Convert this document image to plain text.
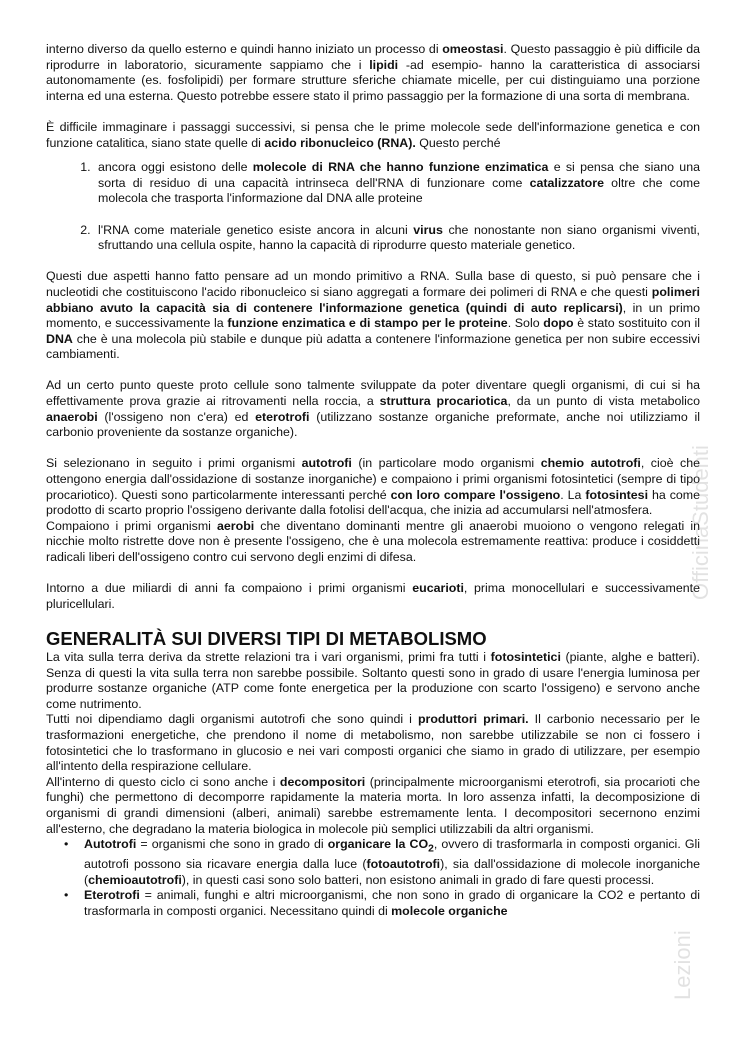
interno diverso da quello esterno e quindi hanno iniziato un processo di omeostasi. Questo passaggio è più difficile da riprodurre in laboratorio, sicuramente sappiamo che i lipidi -ad esempio- hanno la caratteristica di associarsi autonomamente (es. fosfolipidi) per formare strutture sferiche chiamate micelle, per cui distinguiamo una porzione interna ed una esterna. Questo potrebbe essere stato il primo passaggio per la formazione di una sorta di membrana.

È difficile immaginare i passaggi successivi, si pensa che le prime molecole sede dell'informazione genetica e con funzione catalitica, siano state quelle di acido ribonucleico (RNA). Questo perché

1. ancora oggi esistono delle molecole di RNA che hanno funzione enzimatica e si pensa che siano una sorta di residuo di una capacità intrinseca dell'RNA di funzionare come catalizzatore oltre che come molecola che trasporta l'informazione dal DNA alle proteine
2. l'RNA come materiale genetico esiste ancora in alcuni virus che nonostante non siano organismi viventi, sfruttando una cellula ospite, hanno la capacità di riprodurre questo materiale genetico.

Questi due aspetti hanno fatto pensare ad un mondo primitivo a RNA. Sulla base di questo, si può pensare che i nucleotidi che costituiscono l'acido ribonucleico si siano aggregati a formare dei polimeri di RNA e che questi polimeri abbiano avuto la capacità sia di contenere l'informazione genetica (quindi di auto replicarsi), in un primo momento, e successivamente la funzione enzimatica e di stampo per le proteine. Solo dopo è stato sostituito con il DNA che è una molecola più stabile e dunque più adatta a contenere l'informazione genetica per non subire eccessivi cambiamenti.

Ad un certo punto queste proto cellule sono talmente sviluppate da poter diventare quegli organismi, di cui si ha effettivamente prova grazie ai ritrovamenti nella roccia, a struttura procariotica, da un punto di vista metabolico anaerobi (l'ossigeno non c'era) ed eterotrofi (utilizzano sostanze organiche preformate, anche noi utilizziamo il carbonio proveniente da sostanze organiche).

Si selezionano in seguito i primi organismi autotrofi (in particolare modo organismi chemio autotrofi, cioè che ottengono energia dall'ossidazione di sostanze inorganiche) e compaiono i primi organismi fotosintetici (sempre di tipo procariotico). Questi sono particolarmente interessanti perché con loro compare l'ossigeno. La fotosintesi ha come prodotto di scarto proprio l'ossigeno derivante dalla fotolisi dell'acqua, che inizia ad accumularsi nell'atmosfera.

Compaiono i primi organismi aerobi che diventano dominanti mentre gli anaerobi muoiono o vengono relegati in nicchie molto ristrette dove non è presente l'ossigeno, che è una molecola estremamente reattiva: produce i cosiddetti radicali liberi dell'ossigeno contro cui servono degli enzimi di difesa.

Intorno a due miliardi di anni fa compaiono i primi organismi eucarioti, prima monocellulari e successivamente pluricellulari.

GENERALITÀ SUI DIVERSI TIPI DI METABOLISMO

La vita sulla terra deriva da strette relazioni tra i vari organismi, primi fra tutti i fotosintetici (piante, alghe e batteri). Senza di questi la vita sulla terra non sarebbe possibile. Soltanto questi sono in grado di usare l'energia luminosa per produrre sostanze organiche (ATP come fonte energetica per la produzione con scarto l'ossigeno) e servono anche come nutrimento.

Tutti noi dipendiamo dagli organismi autotrofi che sono quindi i produttori primari. Il carbonio necessario per le trasformazioni energetiche, che prendono il nome di metabolismo, non sarebbe utilizzabile se non ci fossero i fotosintetici che lo trasformano in glucosio e nei vari composti organici che siamo in grado di utilizzare, per esempio all'intento della respirazione cellulare.

All'interno di questo ciclo ci sono anche i decompositori (principalmente microorganismi eterotrofi, sia procarioti che funghi) che permettono di decomporre rapidamente la materia morta. In loro assenza infatti, la decomposizione di organismi di grandi dimensioni (alberi, animali) sarebbe estremamente lenta. I decompositori secernono enzimi all'esterno, che degradano la materia biologica in molecole più semplici utilizzabili da altri organismi.

• Autotrofi = organismi che sono in grado di organicare la $CO_2$, ovvero di trasformarla in composti organici. Gli autotrofi possono sia ricavare energia dalla luce (fotoautotrofi), sia dall'ossidazione di molecole inorganiche (chemioautotrofi), in questi casi sono solo batteri, non esistono animali in grado di fare questi processi.
• Eterotrofi = animali, funghi e altri microorganismi, che non sono in grado di organicare la CO2 e pertanto di trasformarla in composti organici. Necessitano quindi di molecole organiche
OfficinaStudenti
Lezioni
